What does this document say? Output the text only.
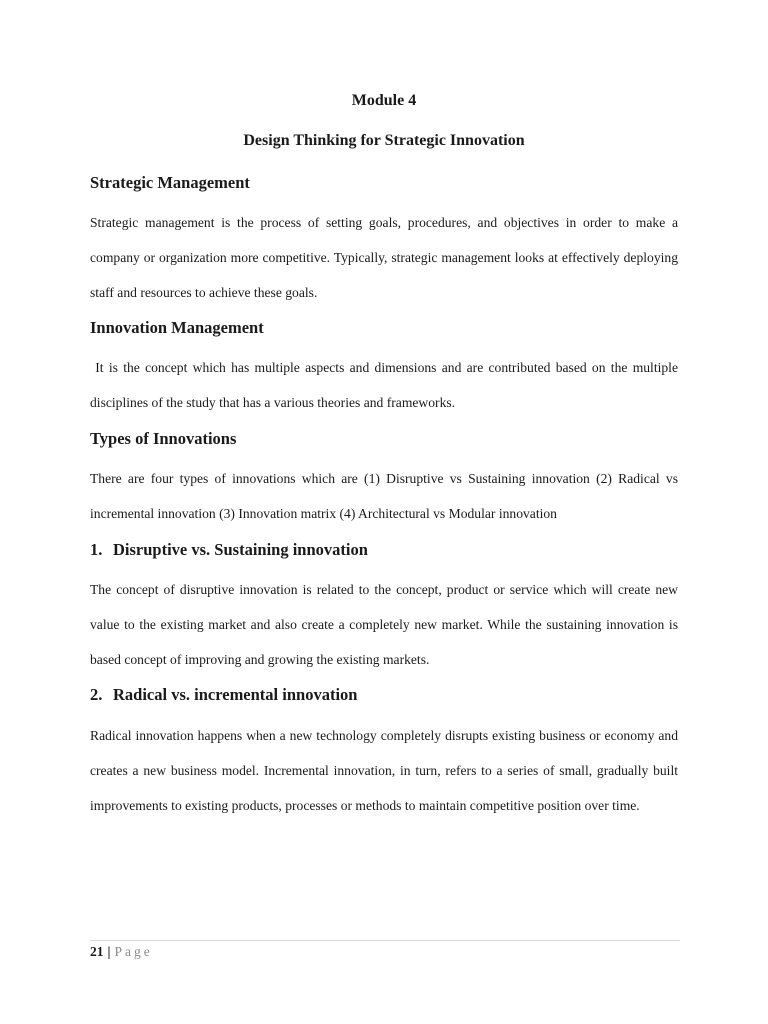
Module 4
Design Thinking for Strategic Innovation
Strategic Management

Strategic management is the process of setting goals, procedures, and objectives in order to make a company or organization more competitive. Typically, strategic management looks at effectively deploying staff and resources to achieve these goals.

Innovation Management

It is the concept which has multiple aspects and dimensions and are contributed based on the multiple disciplines of the study that has a various theories and frameworks.

Types of Innovations

There are four types of innovations which are (1) Disruptive vs Sustaining innovation (2) Radical vs incremental innovation (3) Innovation matrix (4) Architectural vs Modular innovation

1. Disruptive vs. Sustaining innovation

The concept of disruptive innovation is related to the concept, product or service which will create new value to the existing market and also create a completely new market. While the sustaining innovation is based concept of improving and growing the existing markets.

2. Radical vs. incremental innovation

Radical innovation happens when a new technology completely disrupts existing business or economy and creates a new business model. Incremental innovation, in turn, refers to a series of small, gradually built improvements to existing products, processes or methods to maintain competitive position over time.

21 | Page
